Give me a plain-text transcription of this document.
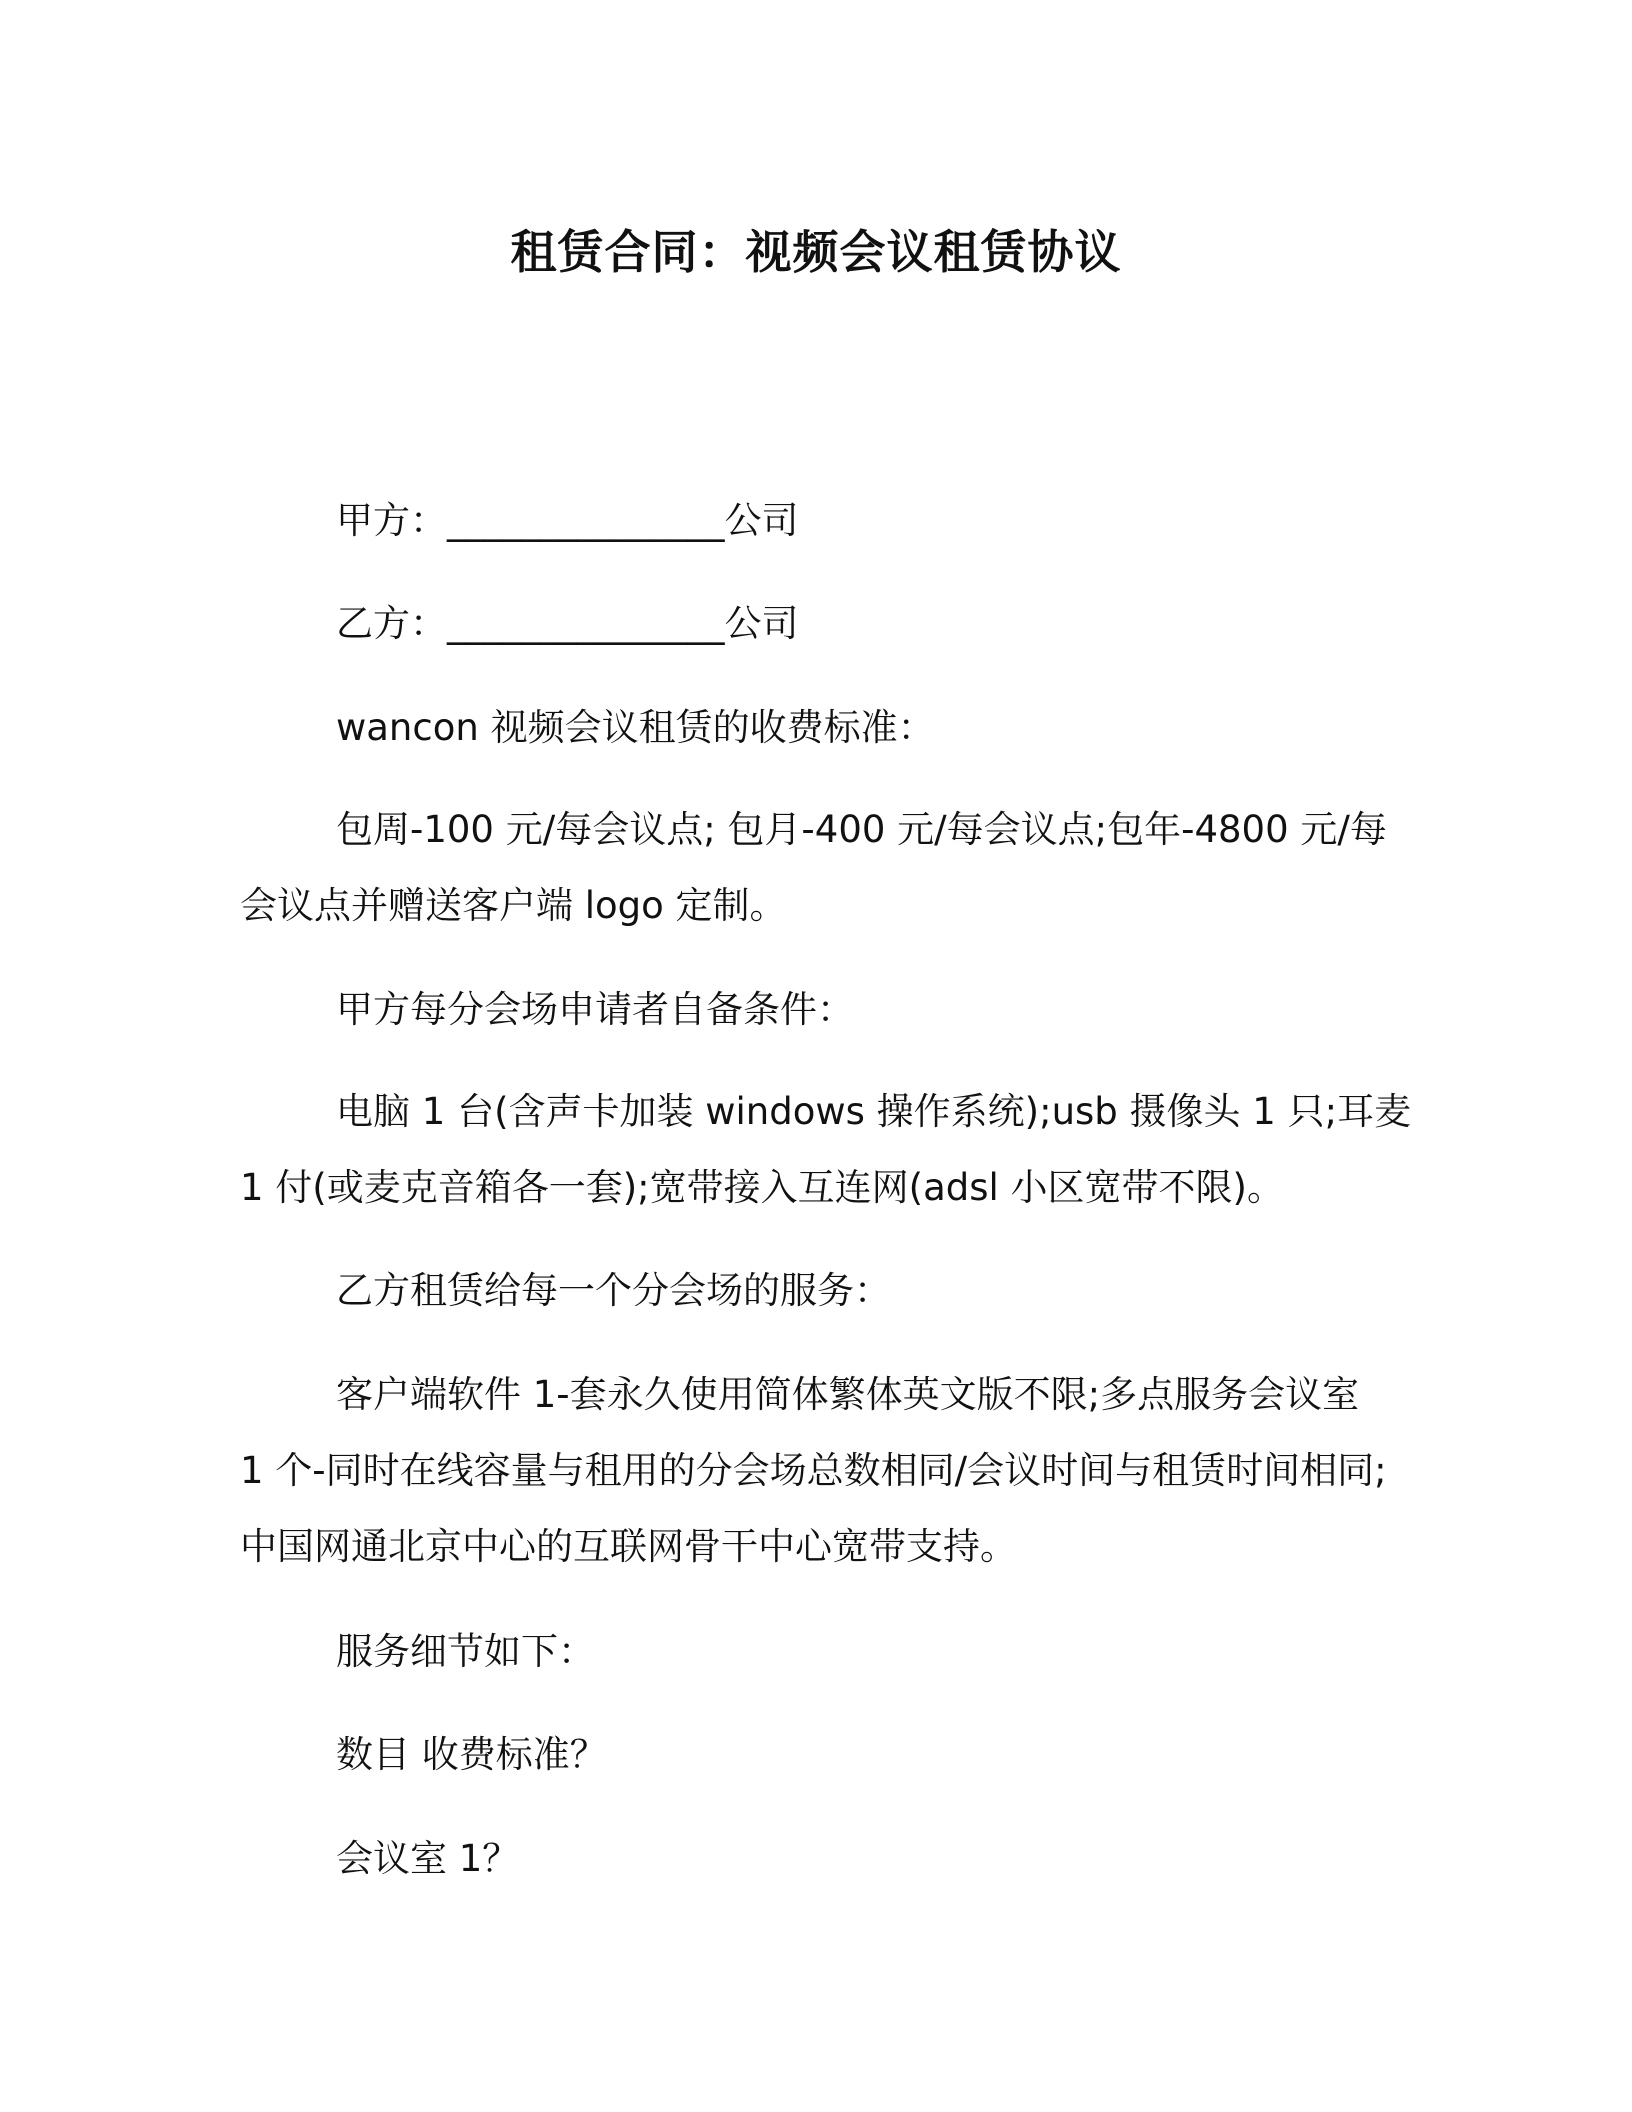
租赁合同：视频会议租赁协议

甲方：_______________公司

乙方：_______________公司

wancon 视频会议租赁的收费标准：

包周-100 元/每会议点; 包月-400 元/每会议点;包年-4800 元/每
会议点并赠送客户端 logo 定制。

甲方每分会场申请者自备条件：

电脑 1 台(含声卡加装 windows 操作系统);usb 摄像头 1 只;耳麦
1 付(或麦克音箱各一套);宽带接入互连网(adsl 小区宽带不限)。

乙方租赁给每一个分会场的服务：

客户端软件 1-套永久使用简体繁体英文版不限;多点服务会议室
1 个-同时在线容量与租用的分会场总数相同/会议时间与租赁时间相同;
中国网通北京中心的互联网骨干中心宽带支持。

服务细节如下：

数目 收费标准？

会议室 1？
